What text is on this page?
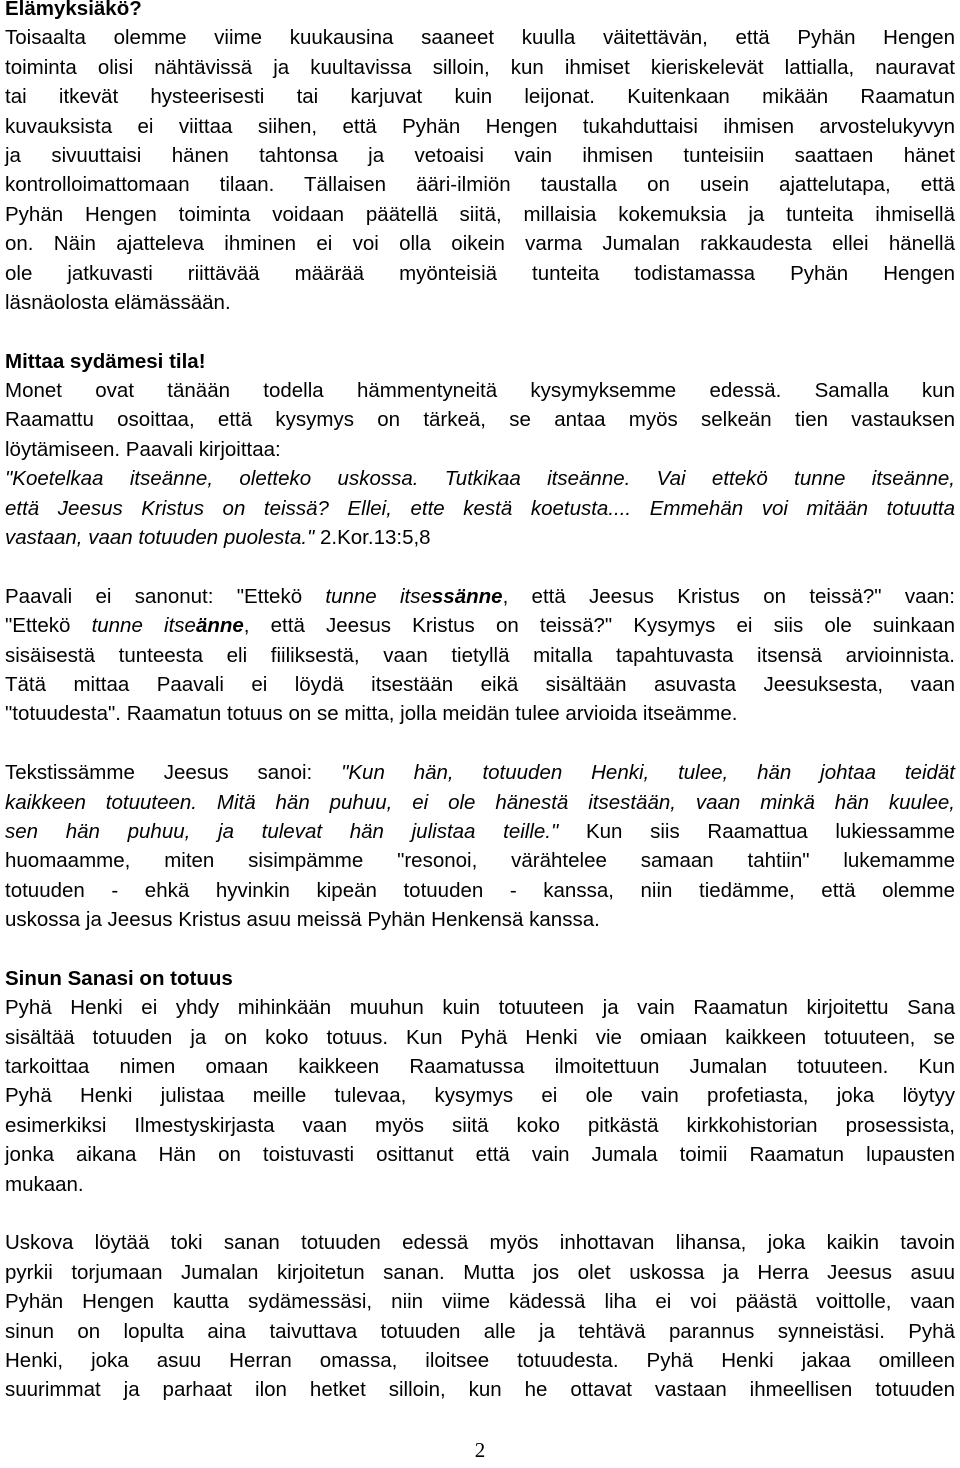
Elämyksiäkö?
Toisaalta olemme viime kuukausina saaneet kuulla väitettävän, että Pyhän Hengen
toiminta olisi nähtävissä ja kuultavissa silloin, kun ihmiset kieriskelevät lattialla, nauravat
tai itkevät hysteerisesti tai karjuvat kuin leijonat. Kuitenkaan mikään Raamatun
kuvauksista ei viittaa siihen, että Pyhän Hengen tukahduttaisi ihmisen arvostelukyvyn
ja sivuuttaisi hänen tahtonsa ja vetoaisi vain ihmisen tunteisiin saattaen hänet
kontrolloimattomaan tilaan. Tällaisen ääri-ilmiön taustalla on usein ajattelutapa, että
Pyhän Hengen toiminta voidaan päätellä siitä, millaisia kokemuksia ja tunteita ihmisellä
on. Näin ajatteleva ihminen ei voi olla oikein varma Jumalan rakkaudesta ellei hänellä
ole jatkuvasti riittävää määrää myönteisiä tunteita todistamassa Pyhän Hengen
läsnäolosta elämässään.
Mittaa sydämesi tila!
Monet ovat tänään todella hämmentyneitä kysymyksemme edessä. Samalla kun
Raamattu osoittaa, että kysymys on tärkeä, se antaa myös selkeän tien vastauksen
löytämiseen. Paavali kirjoittaa:
"Koetelkaa itseänne, oletteko uskossa. Tutkikaa itseänne. Vai ettekö tunne itseänne,
että Jeesus Kristus on teissä? Ellei, ette kestä koetusta.... Emmehän voi mitään totuutta
vastaan, vaan totuuden puolesta." 2.Kor.13:5,8
Paavali ei sanonut: "Ettekö tunne itsessänne, että Jeesus Kristus on teissä?" vaan:
"Ettekö tunne itseänne, että Jeesus Kristus on teissä?" Kysymys ei siis ole suinkaan
sisäisestä tunteesta eli fiiliksestä, vaan tietyllä mitalla tapahtuvasta itsensä arvioinnista.
Tätä mittaa Paavali ei löydä itsestään eikä sisältään asuvasta Jeesuksesta, vaan
"totuudesta". Raamatun totuus on se mitta, jolla meidän tulee arvioida itseämme.
Tekstissämme Jeesus sanoi: "Kun hän, totuuden Henki, tulee, hän johtaa teidät
kaikkeen totuuteen. Mitä hän puhuu, ei ole hänestä itsestään, vaan minkä hän kuulee,
sen hän puhuu, ja tulevat hän julistaa teille." Kun siis Raamattua lukiessamme
huomaamme, miten sisimpämme "resonoi, värähtelee samaan tahtiin" lukemamme
totuuden - ehkä hyvinkin kipeän totuuden - kanssa, niin tiedämme, että olemme
uskossa ja Jeesus Kristus asuu meissä Pyhän Henkensä kanssa.
Sinun Sanasi on totuus
Pyhä Henki ei yhdy mihinkään muuhun kuin totuuteen ja vain Raamatun kirjoitettu Sana
sisältää totuuden ja on koko totuus. Kun Pyhä Henki vie omiaan kaikkeen totuuteen, se
tarkoittaa nimen omaan kaikkeen Raamatussa ilmoitettuun Jumalan totuuteen. Kun
Pyhä Henki julistaa meille tulevaa, kysymys ei ole vain profetiasta, joka löytyy
esimerkiksi Ilmestyskirjasta vaan myös siitä koko pitkästä kirkkohistorian prosessista,
jonka aikana Hän on toistuvasti osittanut että vain Jumala toimii Raamatun lupausten
mukaan.
Uskova löytää toki sanan totuuden edessä myös inhottavan lihansa, joka kaikin tavoin
pyrkii torjumaan Jumalan kirjoitetun sanan. Mutta jos olet uskossa ja Herra Jeesus asuu
Pyhän Hengen kautta sydämessäsi, niin viime kädessä liha ei voi päästä voittolle, vaan
sinun on lopulta aina taivuttava totuuden alle ja tehtävä parannus synneistäsi. Pyhä
Henki, joka asuu Herran omassa, iloitsee totuudesta. Pyhä Henki jakaa omilleen
suurimmat ja parhaat ilon hetket silloin, kun he ottavat vastaan ihmeellisen totuuden
2
